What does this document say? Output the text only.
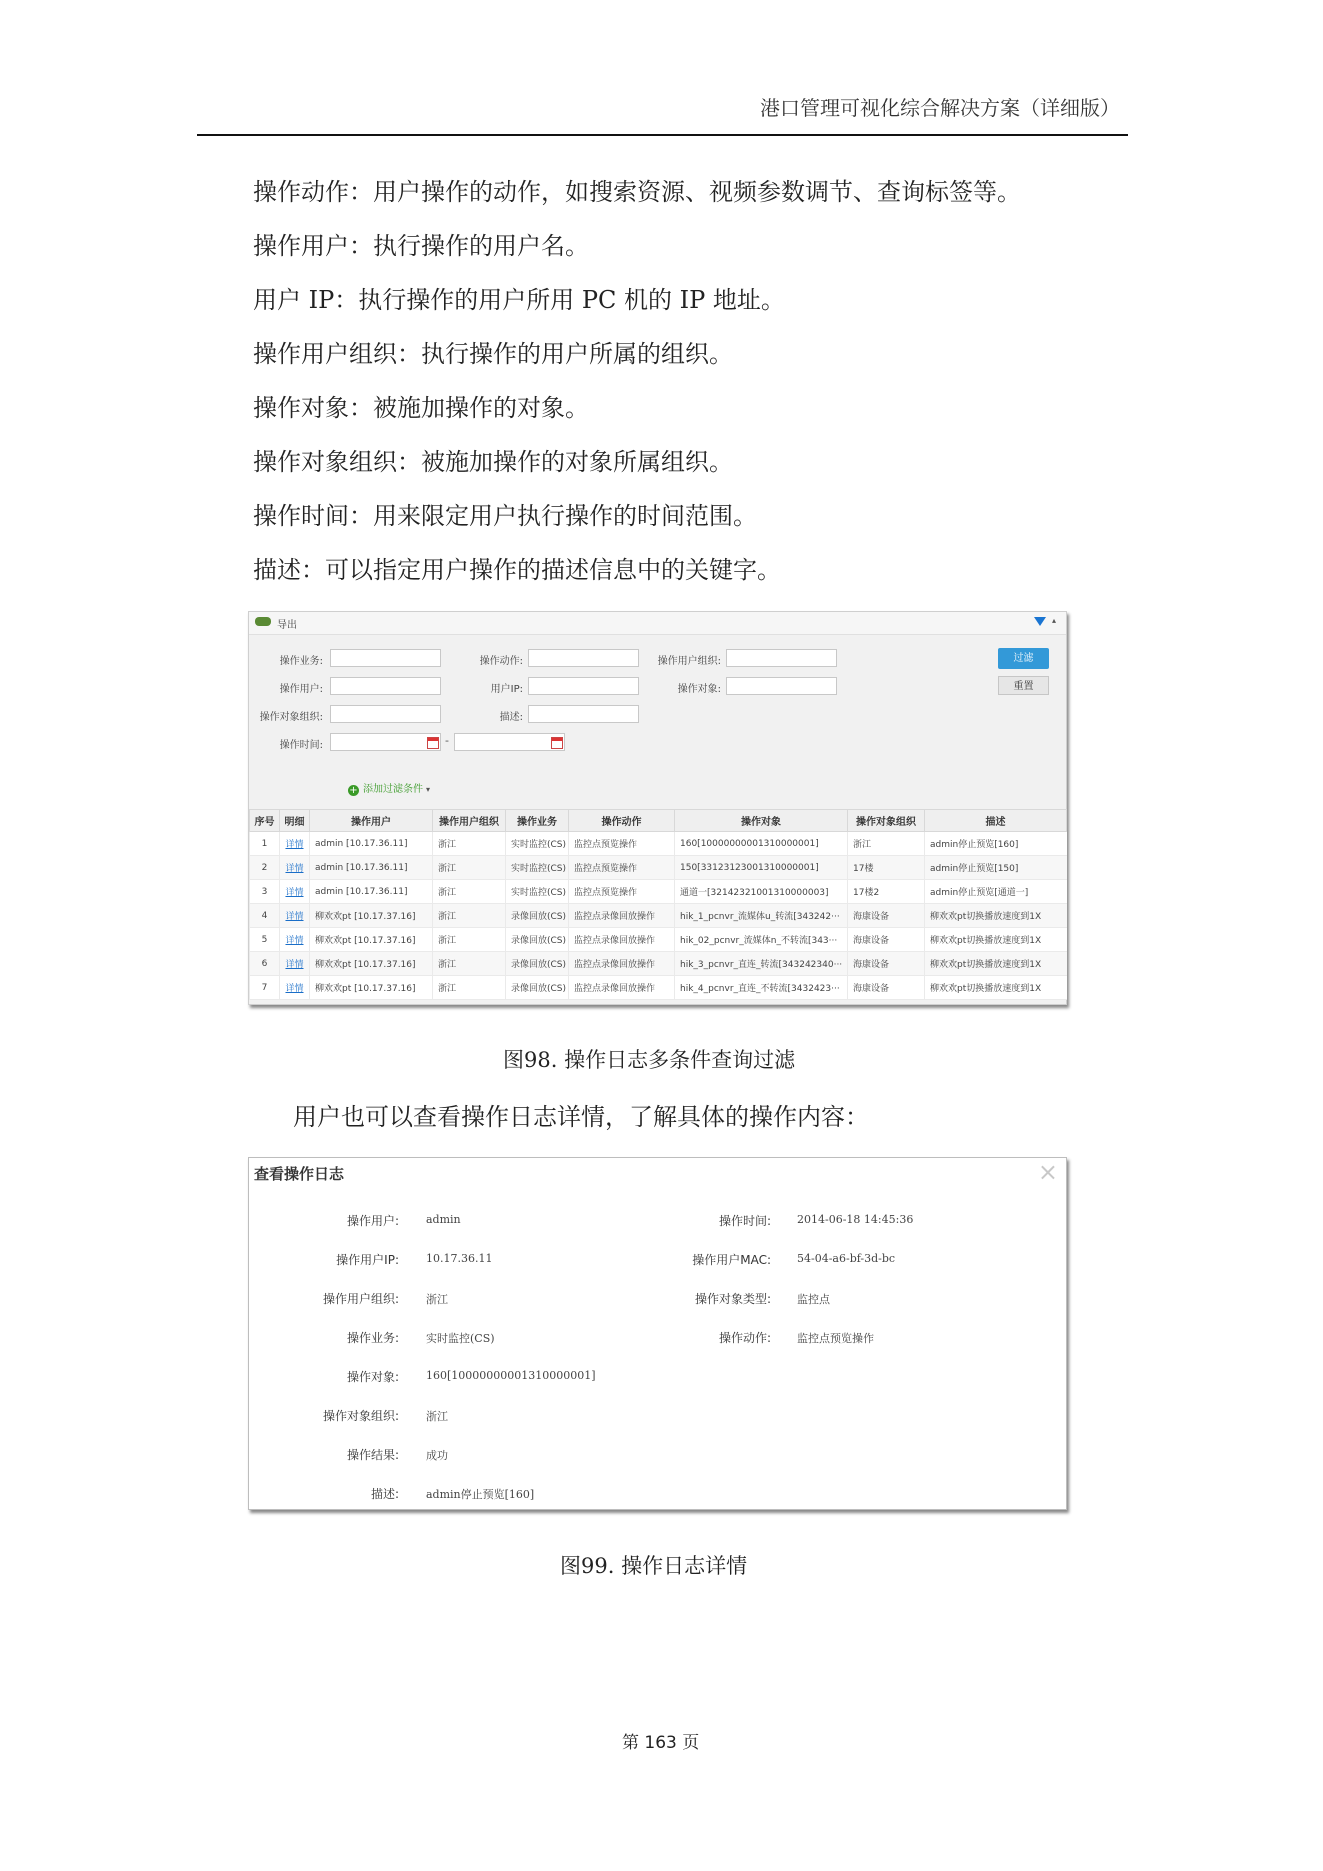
港口管理可视化综合解决方案（详细版）
操作动作：用户操作的动作，如搜索资源、视频参数调节、查询标签等。
操作用户：执行操作的用户名。
用户 IP：执行操作的用户所用 PC 机的 IP 地址。
操作用户组织：执行操作的用户所属的组织。
操作对象：被施加操作的对象。
操作对象组织：被施加操作的对象所属组织。
操作时间：用来限定用户执行操作的时间范围。
描述：可以指定用户操作的描述信息中的关键字。
导出	▴
操作业务:	操作动作:	操作用户组织:
操作用户:	用户IP:	操作对象:
操作对象组织:	描述:
操作时间:	-
过滤
重置
+ 添加过滤条件 ▾
序号	明细	操作用户	操作用户组织	操作业务	操作动作	操作对象	操作对象组织	描述
1	详情	admin [10.17.36.11]	浙江	实时监控(CS)	监控点预览操作	160[10000000001310000001]	浙江	admin停止预览[160]
2	详情	admin [10.17.36.11]	浙江	实时监控(CS)	监控点预览操作	150[33123123001310000001]	17楼	admin停止预览[150]
3	详情	admin [10.17.36.11]	浙江	实时监控(CS)	监控点预览操作	通道一[32142321001310000003]	17楼2	admin停止预览[通道一]
4	详情	柳欢欢pt [10.17.37.16]	浙江	录像回放(CS)	监控点录像回放操作	hik_1_pcnvr_流媒体u_转流[343242···	海康设备	柳欢欢pt切换播放速度到1X
5	详情	柳欢欢pt [10.17.37.16]	浙江	录像回放(CS)	监控点录像回放操作	hik_02_pcnvr_流媒体n_不转流[343···	海康设备	柳欢欢pt切换播放速度到1X
6	详情	柳欢欢pt [10.17.37.16]	浙江	录像回放(CS)	监控点录像回放操作	hik_3_pcnvr_直连_转流[343242340···	海康设备	柳欢欢pt切换播放速度到1X
7	详情	柳欢欢pt [10.17.37.16]	浙江	录像回放(CS)	监控点录像回放操作	hik_4_pcnvr_直连_不转流[3432423···	海康设备	柳欢欢pt切换播放速度到1X
图98. 操作日志多条件查询过滤
用户也可以查看操作日志详情，了解具体的操作内容：
查看操作日志	×
操作用户: admin
操作用户IP: 10.17.36.11
操作用户组织: 浙江
操作业务: 实时监控(CS)
操作对象: 160[10000000001310000001]
操作对象组织: 浙江
操作结果: 成功
描述: admin停止预览[160]
操作时间: 2014-06-18 14:45:36
操作用户MAC: 54-04-a6-bf-3d-bc
操作对象类型: 监控点
操作动作: 监控点预览操作
图99. 操作日志详情
第 163 页
